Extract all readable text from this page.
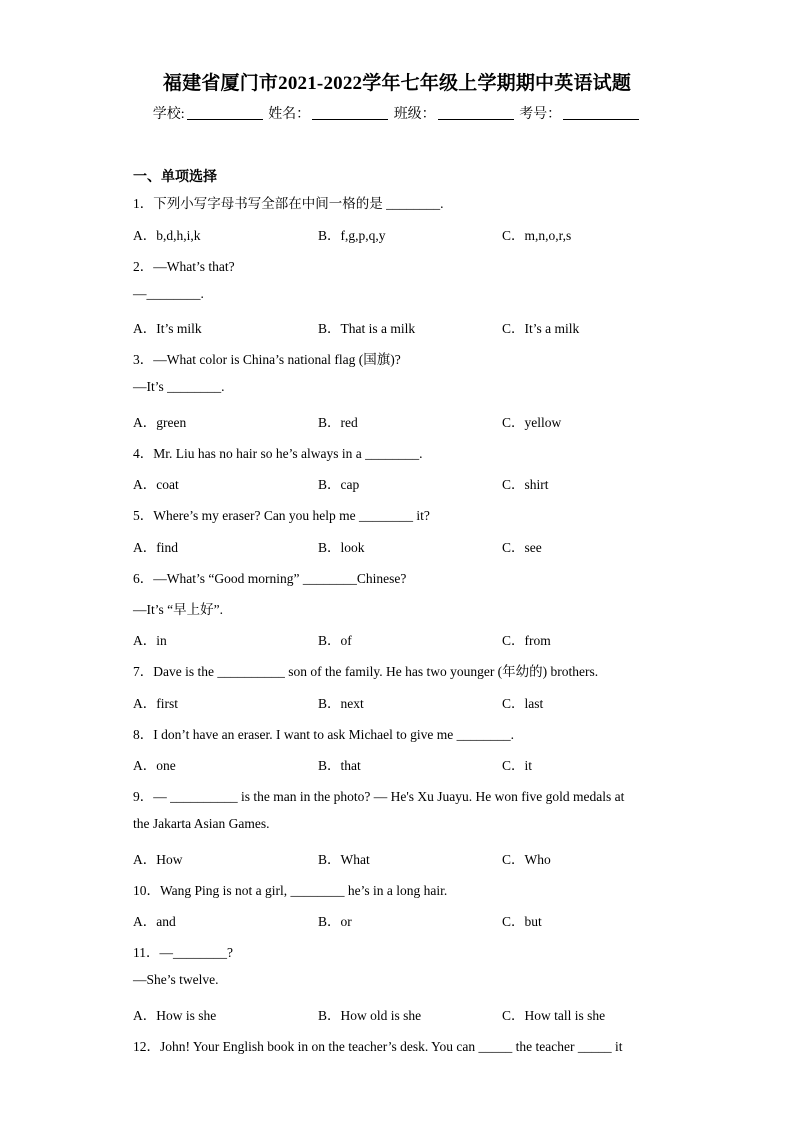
福建省厦门市2021-2022学年七年级上学期期中英语试题
学校:	姓名：	班级：	考号：
一、单项选择
1．下列小写字母书写全部在中间一格的是 ________.
A．b,d,h,i,k	B．f,g,p,q,y	C．m,n,o,r,s
2．—What’s that?
—________.
A．It’s milk	B．That is a milk	C．It’s a milk
3．—What color is China’s national flag (国旗)?
—It’s ________.
A．green	B．red	C．yellow
4．Mr. Liu has no hair so he’s always in a ________.
A．coat	B．cap	C．shirt
5．Where’s my eraser? Can you help me ________ it?
A．find	B．look	C．see
6．—What’s “Good morning” ________Chinese?
—It’s “早上好”.
A．in	B．of	C．from
7．Dave is the __________ son of the family. He has two younger (年幼的) brothers.
A．first	B．next	C．last
8．I don’t have an eraser. I want to ask Michael to give me ________.
A．one	B．that	C．it
9．— __________ is the man in the photo? — He's Xu Juayu. He won five gold medals at
the Jakarta Asian Games.
A．How	B．What	C．Who
10．Wang Ping is not a girl, ________ he’s in a long hair.
A．and	B．or	C．but
11．—________?
—She’s twelve.
A．How is she	B．How old is she	C．How tall is she
12．John! Your English book in on the teacher’s desk. You can _____ the teacher _____ it
